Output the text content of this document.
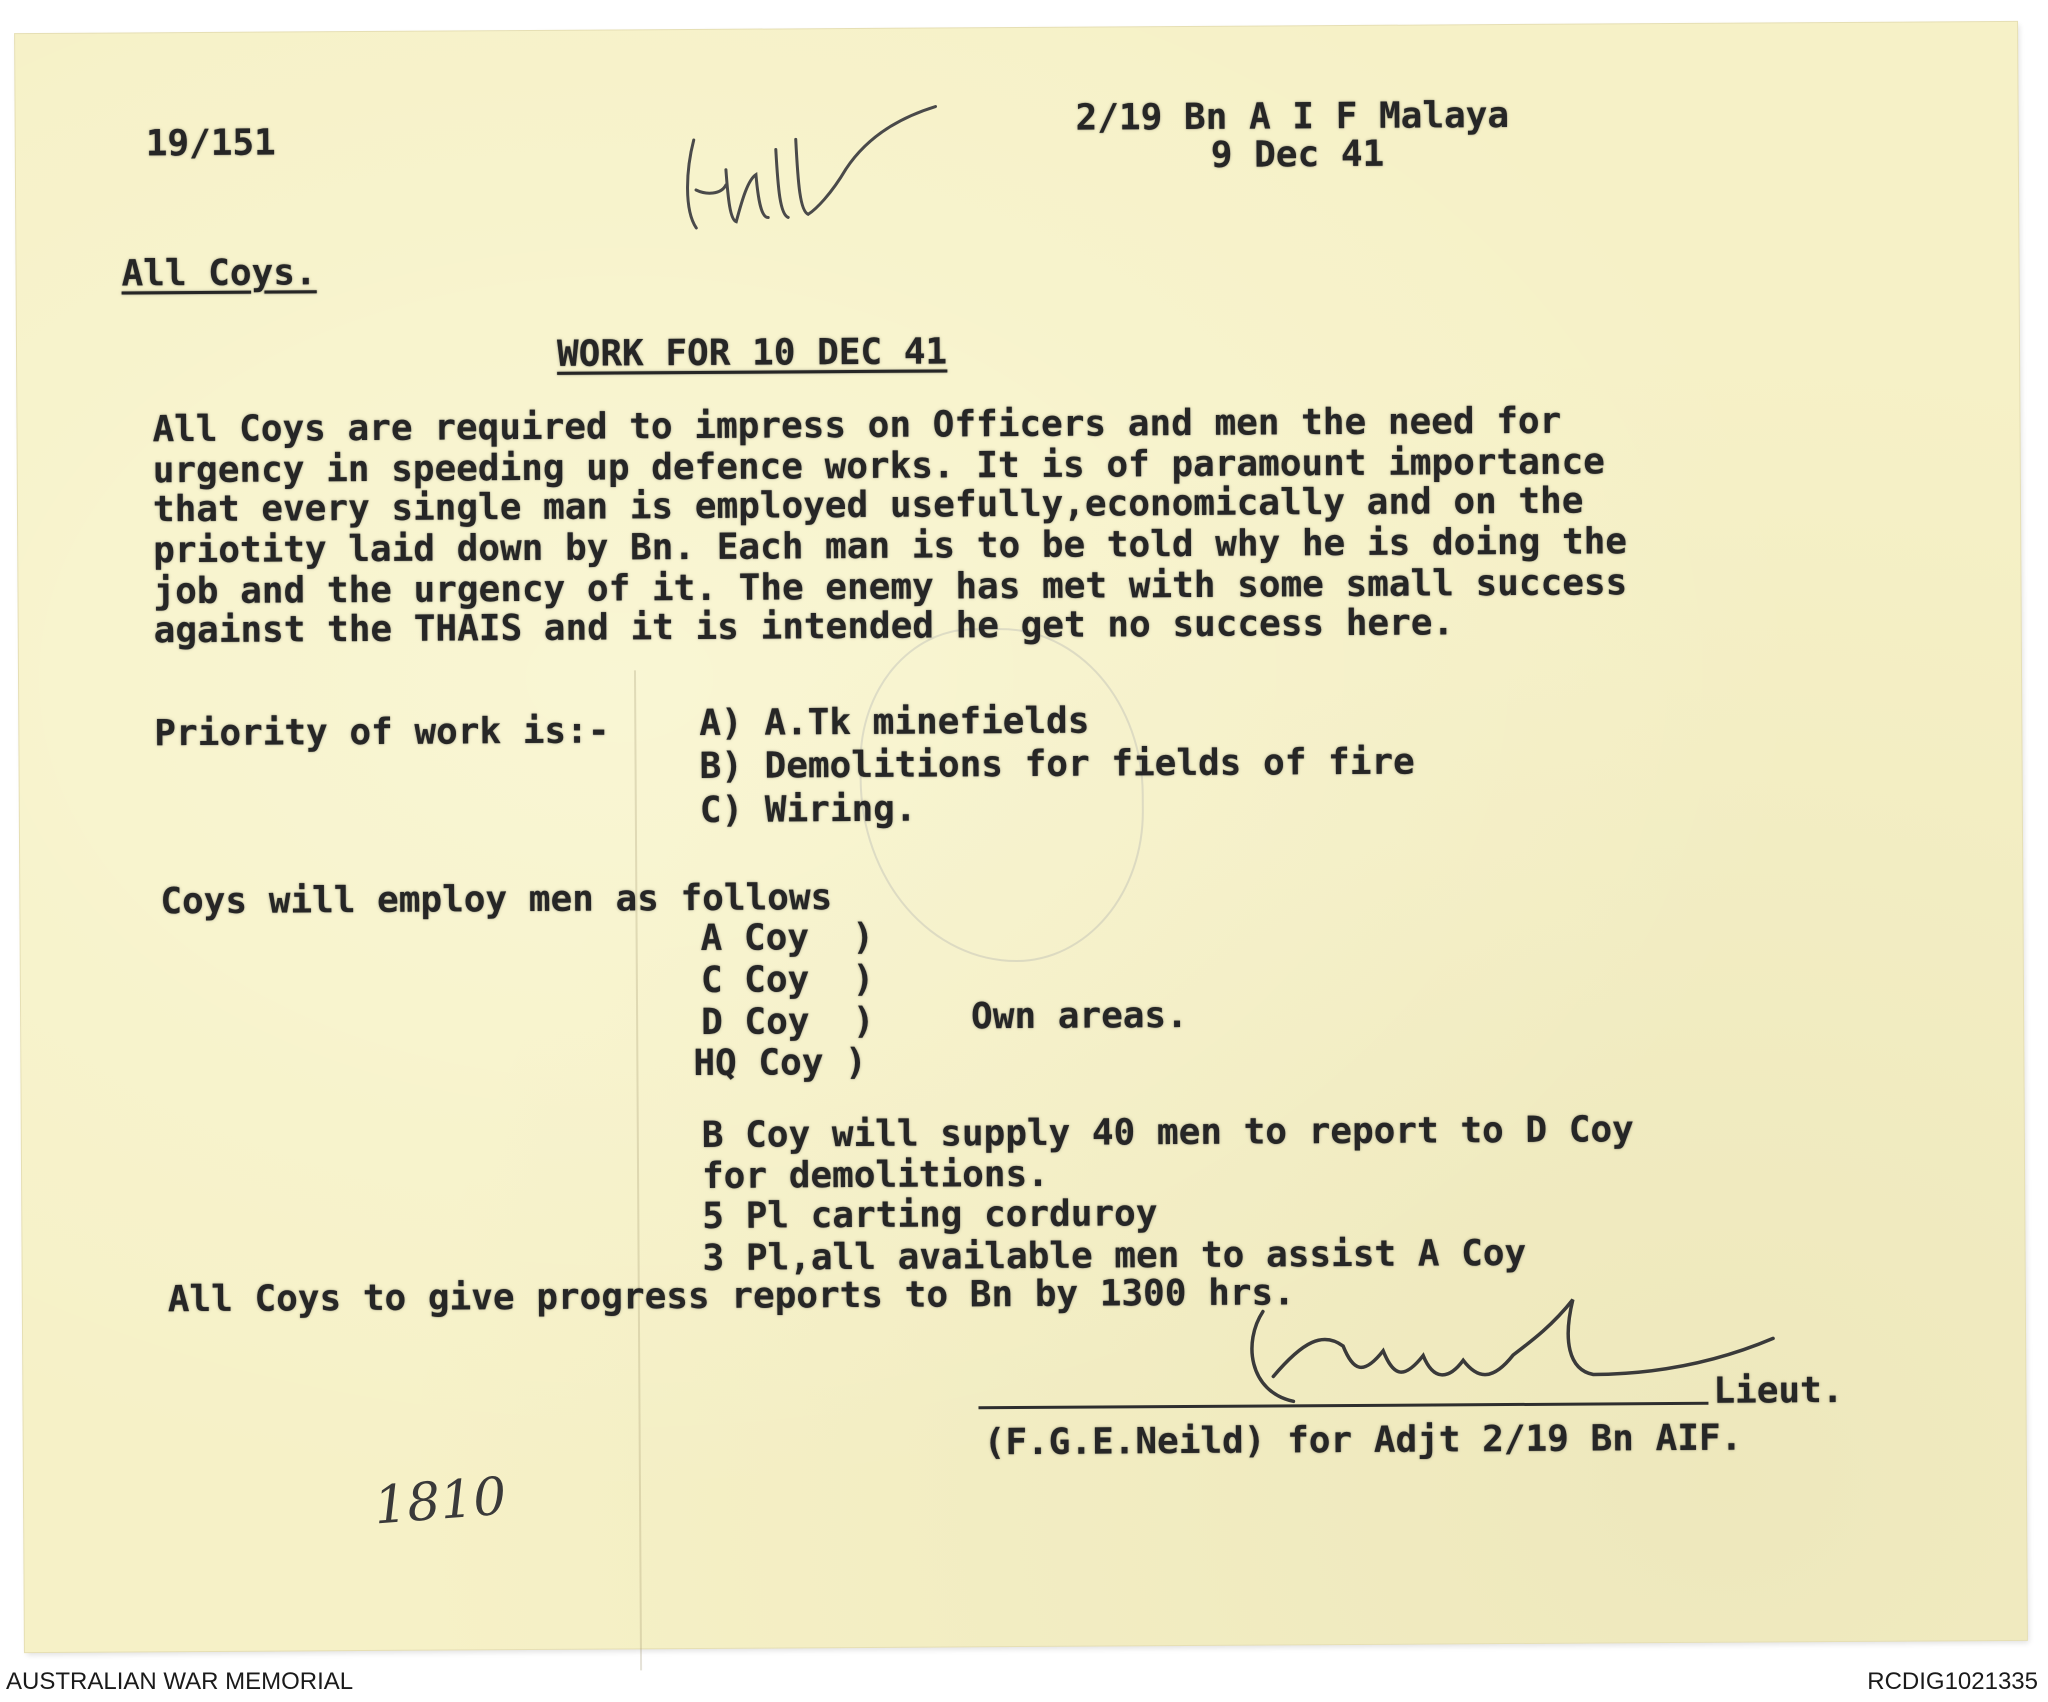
19/151
2/19 Bn A I F Malaya
9 Dec 41
All Coys.
WORK FOR 10 DEC 41
All Coys are required to impress on Officers and men the need for
urgency in speeding up defence works. It is of paramount importance
that every single man is employed usefully,economically and on the
priotity laid down by Bn. Each man is to be told why he is doing the
job and the urgency of it. The enemy has met with some small success
against the THAIS and it is intended he get no success here.
Priority of work is:- A) A.Tk minefields
B) Demolitions for fields of fire
C) Wiring.
Coys will employ men as follows
A Coy  )
C Coy  )
D Coy  )
HQ Coy )
Own areas.
B Coy will supply 40 men to report to D Coy
for demolitions.
5 Pl carting corduroy
3 Pl,all available men to assist A Coy
All Coys to give progress reports to Bn by 1300 hrs.
Lieut.
(F.G.E.Neild) for Adjt 2/19 Bn AIF.
1810
AUSTRALIAN WAR MEMORIAL	RCDIG1021335
